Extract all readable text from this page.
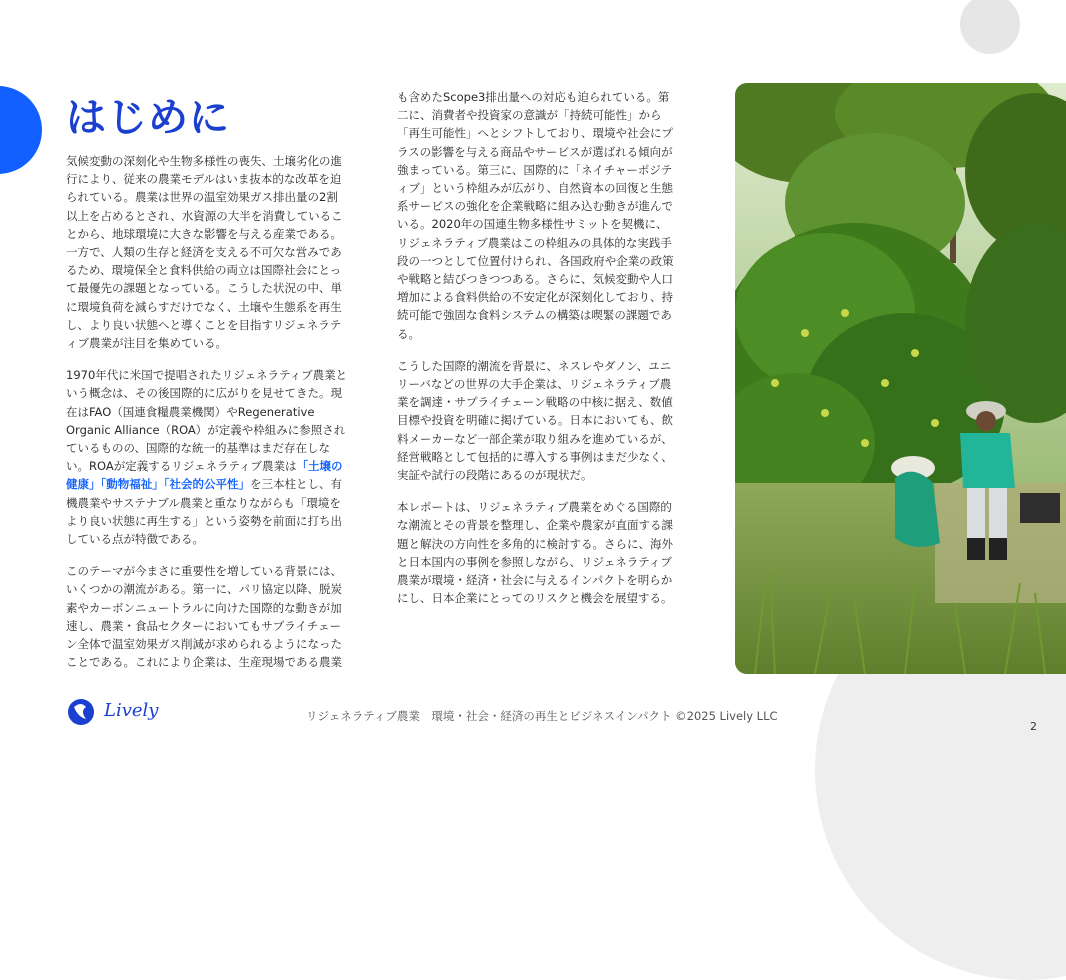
はじめに

気候変動の深刻化や生物多様性の喪失、土壌劣化の進行により、従来の農業モデルはいま抜本的な改革を迫られている。農業は世界の温室効果ガス排出量の2割以上を占めるとされ、水資源の大半を消費していることから、地球環境に大きな影響を与える産業である。一方で、人類の生存と経済を支える不可欠な営みであるため、環境保全と食料供給の両立は国際社会にとって最優先の課題となっている。こうした状況の中、単に環境負荷を減らすだけでなく、土壌や生態系を再生し、より良い状態へと導くことを目指すリジェネラティブ農業が注目を集めている。

1970年代に米国で提唱されたリジェネラティブ農業という概念は、その後国際的に広がりを見せてきた。現在はFAO（国連食糧農業機関）やRegenerative Organic Alliance（ROA）が定義や枠組みに参照されているものの、国際的な統一的基準はまだ存在しない。ROAが定義するリジェネラティブ農業は「土壌の健康」「動物福祉」「社会的公平性」を三本柱とし、有機農業やサステナブル農業と重なりながらも「環境をより良い状態に再生する」という姿勢を前面に打ち出している点が特徴である。

このテーマが今まさに重要性を増している背景には、いくつかの潮流がある。第一に、パリ協定以降、脱炭素やカーボンニュートラルに向けた国際的な動きが加速し、農業・食品セクターにおいてもサプライチェーン全体で温室効果ガス削減が求められるようになったことである。これにより企業は、生産現場である農業

も含めたScope3排出量への対応も迫られている。第二に、消費者や投資家の意識が「持続可能性」から「再生可能性」へとシフトしており、環境や社会にプラスの影響を与える商品やサービスが選ばれる傾向が強まっている。第三に、国際的に「ネイチャーポジティブ」という枠組みが広がり、自然資本の回復と生態系サービスの強化を企業戦略に組み込む動きが進んでいる。2020年の国連生物多様性サミットを契機に、リジェネラティブ農業はこの枠組みの具体的な実践手段の一つとして位置付けられ、各国政府や企業の政策や戦略と結びつきつつある。さらに、気候変動や人口増加による食料供給の不安定化が深刻化しており、持続可能で強固な食料システムの構築は喫緊の課題である。

こうした国際的潮流を背景に、ネスレやダノン、ユニリーバなどの世界の大手企業は、リジェネラティブ農業を調達・サプライチェーン戦略の中核に据え、数値目標や投資を明確に掲げている。日本においても、飲料メーカーなど一部企業が取り組みを進めているが、経営戦略として包括的に導入する事例はまだ少なく、実証や試行の段階にあるのが現状だ。

本レポートは、リジェネラティブ農業をめぐる国際的な潮流とその背景を整理し、企業や農家が直面する課題と解決の方向性を多角的に検討する。さらに、海外と日本国内の事例を参照しながら、リジェネラティブ農業が環境・経済・社会に与えるインパクトを明らかにし、日本企業にとってのリスクと機会を展望する。

Lively	リジェネラティブ農業　環境・社会・経済の再生とビジネスインパクト ©2025 Lively LLC
2
